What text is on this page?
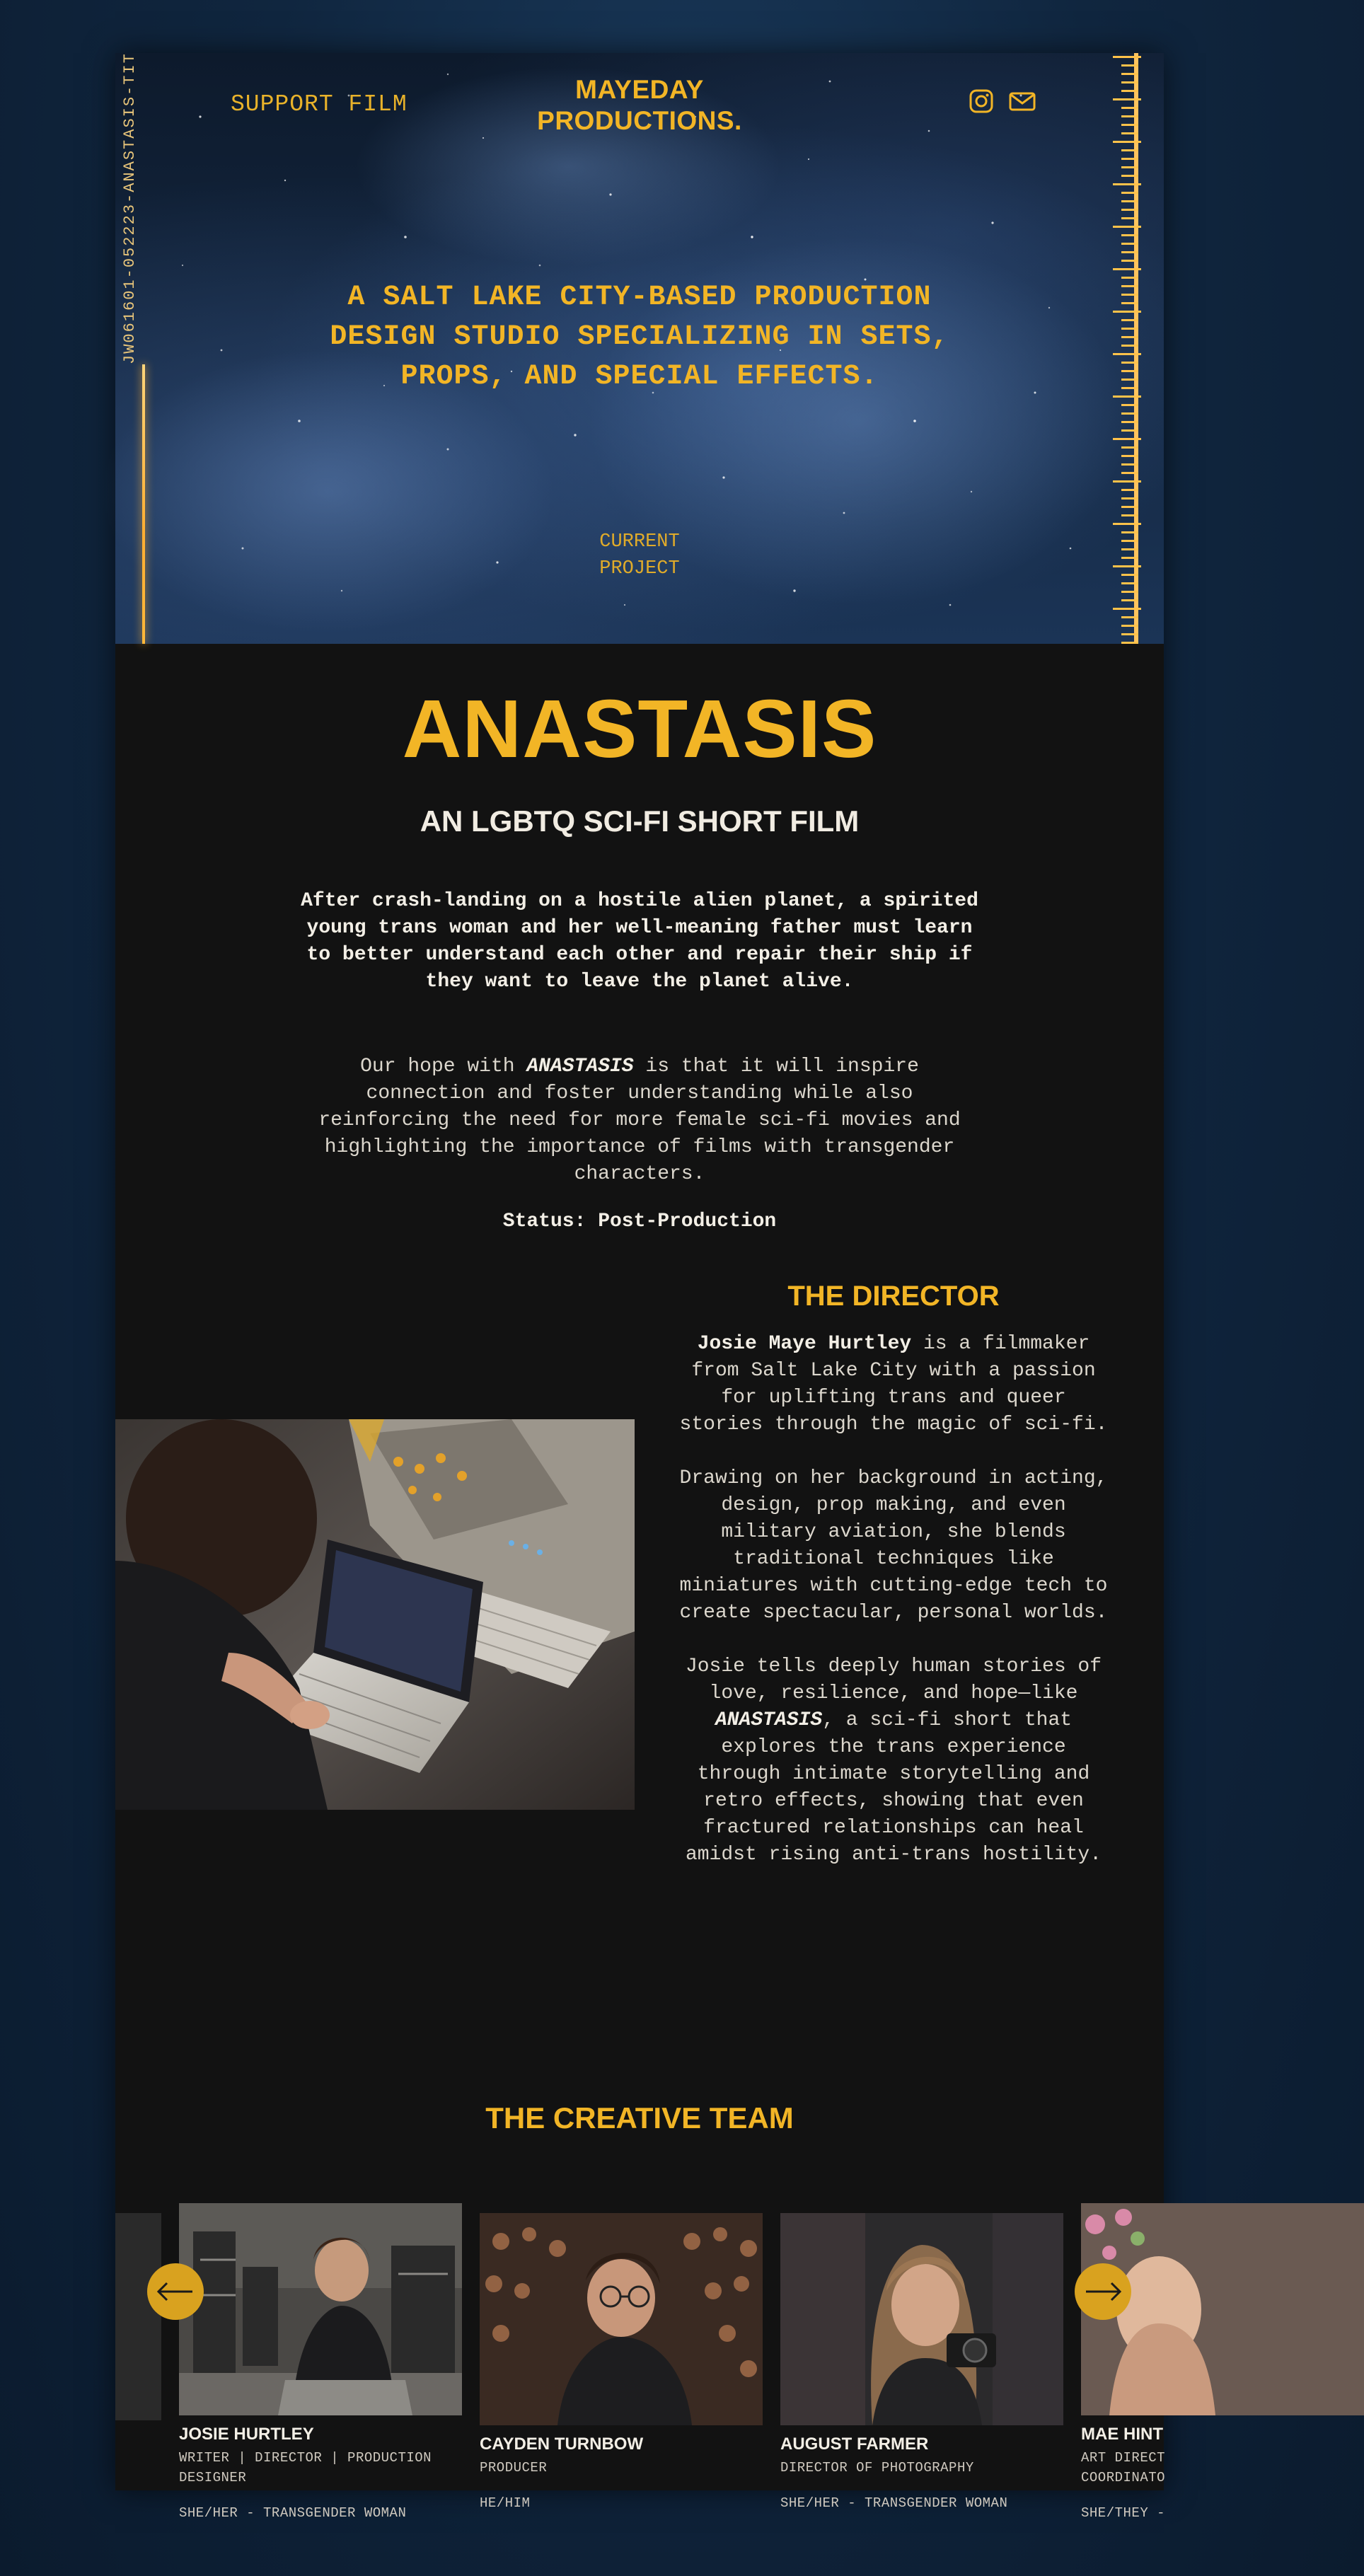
JW061601-052223-ANASTASIS-TIT	SUPPORT FILM
MAYEDAY
PRODUCTIONS.
A SALT LAKE CITY-BASED PRODUCTION DESIGN STUDIO SPECIALIZING IN SETS, PROPS, AND SPECIAL EFFECTS.
CURRENT
PROJECT
ANASTASIS
AN LGBTQ SCI-FI SHORT FILM
After crash-landing on a hostile alien planet, a spirited young trans woman and her well-meaning father must learn to better understand each other and repair their ship if they want to leave the planet alive.
Our hope with ANASTASIS is that it will inspire connection and foster understanding while also reinforcing the need for more female sci-fi movies and highlighting the importance of films with transgender characters.
Status: Post-Production
THE DIRECTOR

Josie Maye Hurtley is a filmmaker from Salt Lake City with a passion for uplifting trans and queer stories through the magic of sci-fi.

Drawing on her background in acting, design, prop making, and even military aviation, she blends traditional techniques like miniatures with cutting-edge tech to create spectacular, personal worlds.

Josie tells deeply human stories of love, resilience, and hope—like ANASTASIS, a sci-fi short that explores the trans experience through intimate storytelling and retro effects, showing that even fractured relationships can heal amidst rising anti-trans hostility.

THE CREATIVE TEAM
JOSIE HURTLEY
WRITER | DIRECTOR | PRODUCTION DESIGNER
SHE/HER - TRANSGENDER WOMAN
CAYDEN TURNBOW
PRODUCER
HE/HIM
AUGUST FARMER
DIRECTOR OF PHOTOGRAPHY
SHE/HER - TRANSGENDER WOMAN
MAE HINT
ART DIRECT COORDINATO
SHE/THEY -
